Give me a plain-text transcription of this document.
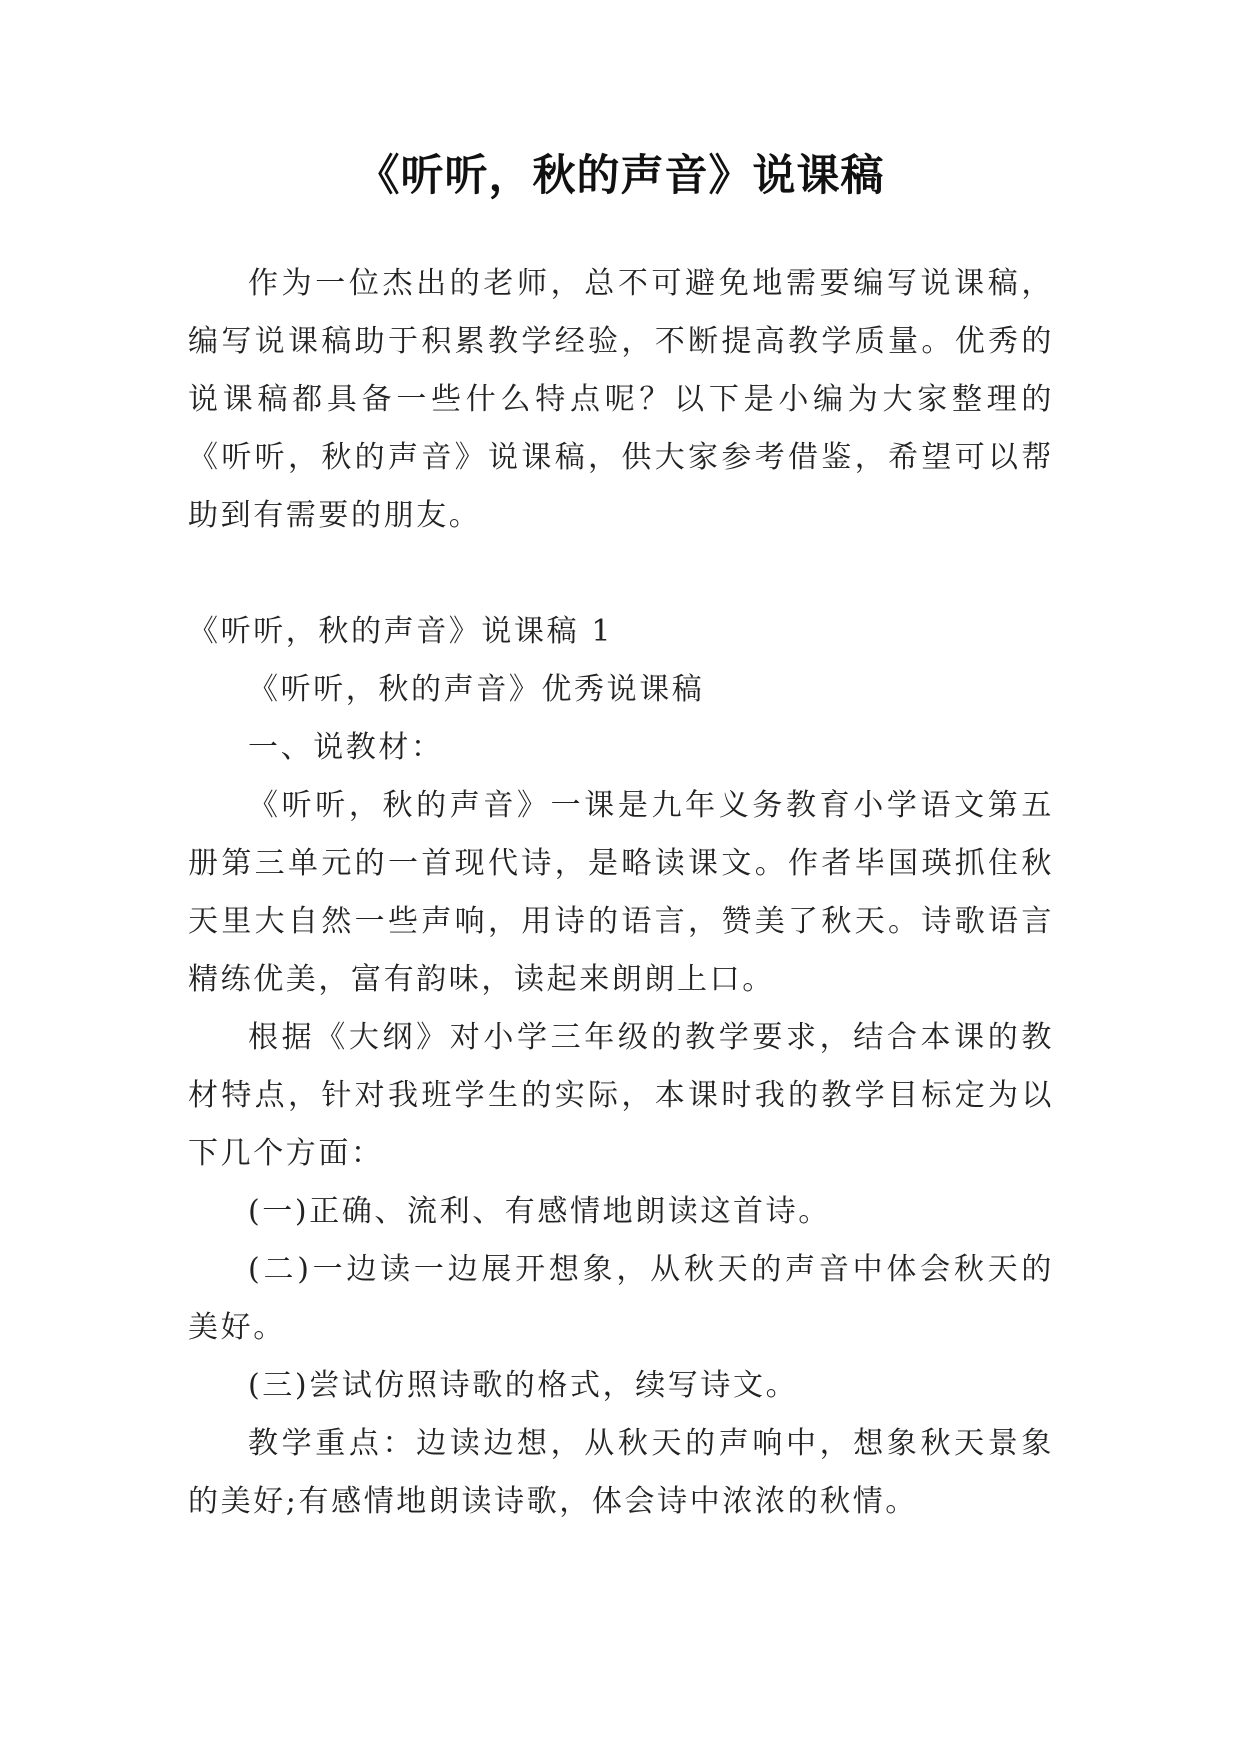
《听听，秋的声音》说课稿

作为一位杰出的老师，总不可避免地需要编写说课稿，编写说课稿助于积累教学经验，不断提高教学质量。优秀的说课稿都具备一些什么特点呢？以下是小编为大家整理的《听听，秋的声音》说课稿，供大家参考借鉴，希望可以帮助到有需要的朋友。

《听听，秋的声音》说课稿 1

《听听，秋的声音》优秀说课稿

一、说教材：

《听听，秋的声音》一课是九年义务教育小学语文第五册第三单元的一首现代诗，是略读课文。作者毕国瑛抓住秋天里大自然一些声响，用诗的语言，赞美了秋天。诗歌语言精练优美，富有韵味，读起来朗朗上口。

根据《大纲》对小学三年级的教学要求，结合本课的教材特点，针对我班学生的实际，本课时我的教学目标定为以下几个方面：

(一)正确、流利、有感情地朗读这首诗。

(二)一边读一边展开想象，从秋天的声音中体会秋天的美好。

(三)尝试仿照诗歌的格式，续写诗文。

教学重点：边读边想，从秋天的声响中，想象秋天景象的美好;有感情地朗读诗歌，体会诗中浓浓的秋情。
